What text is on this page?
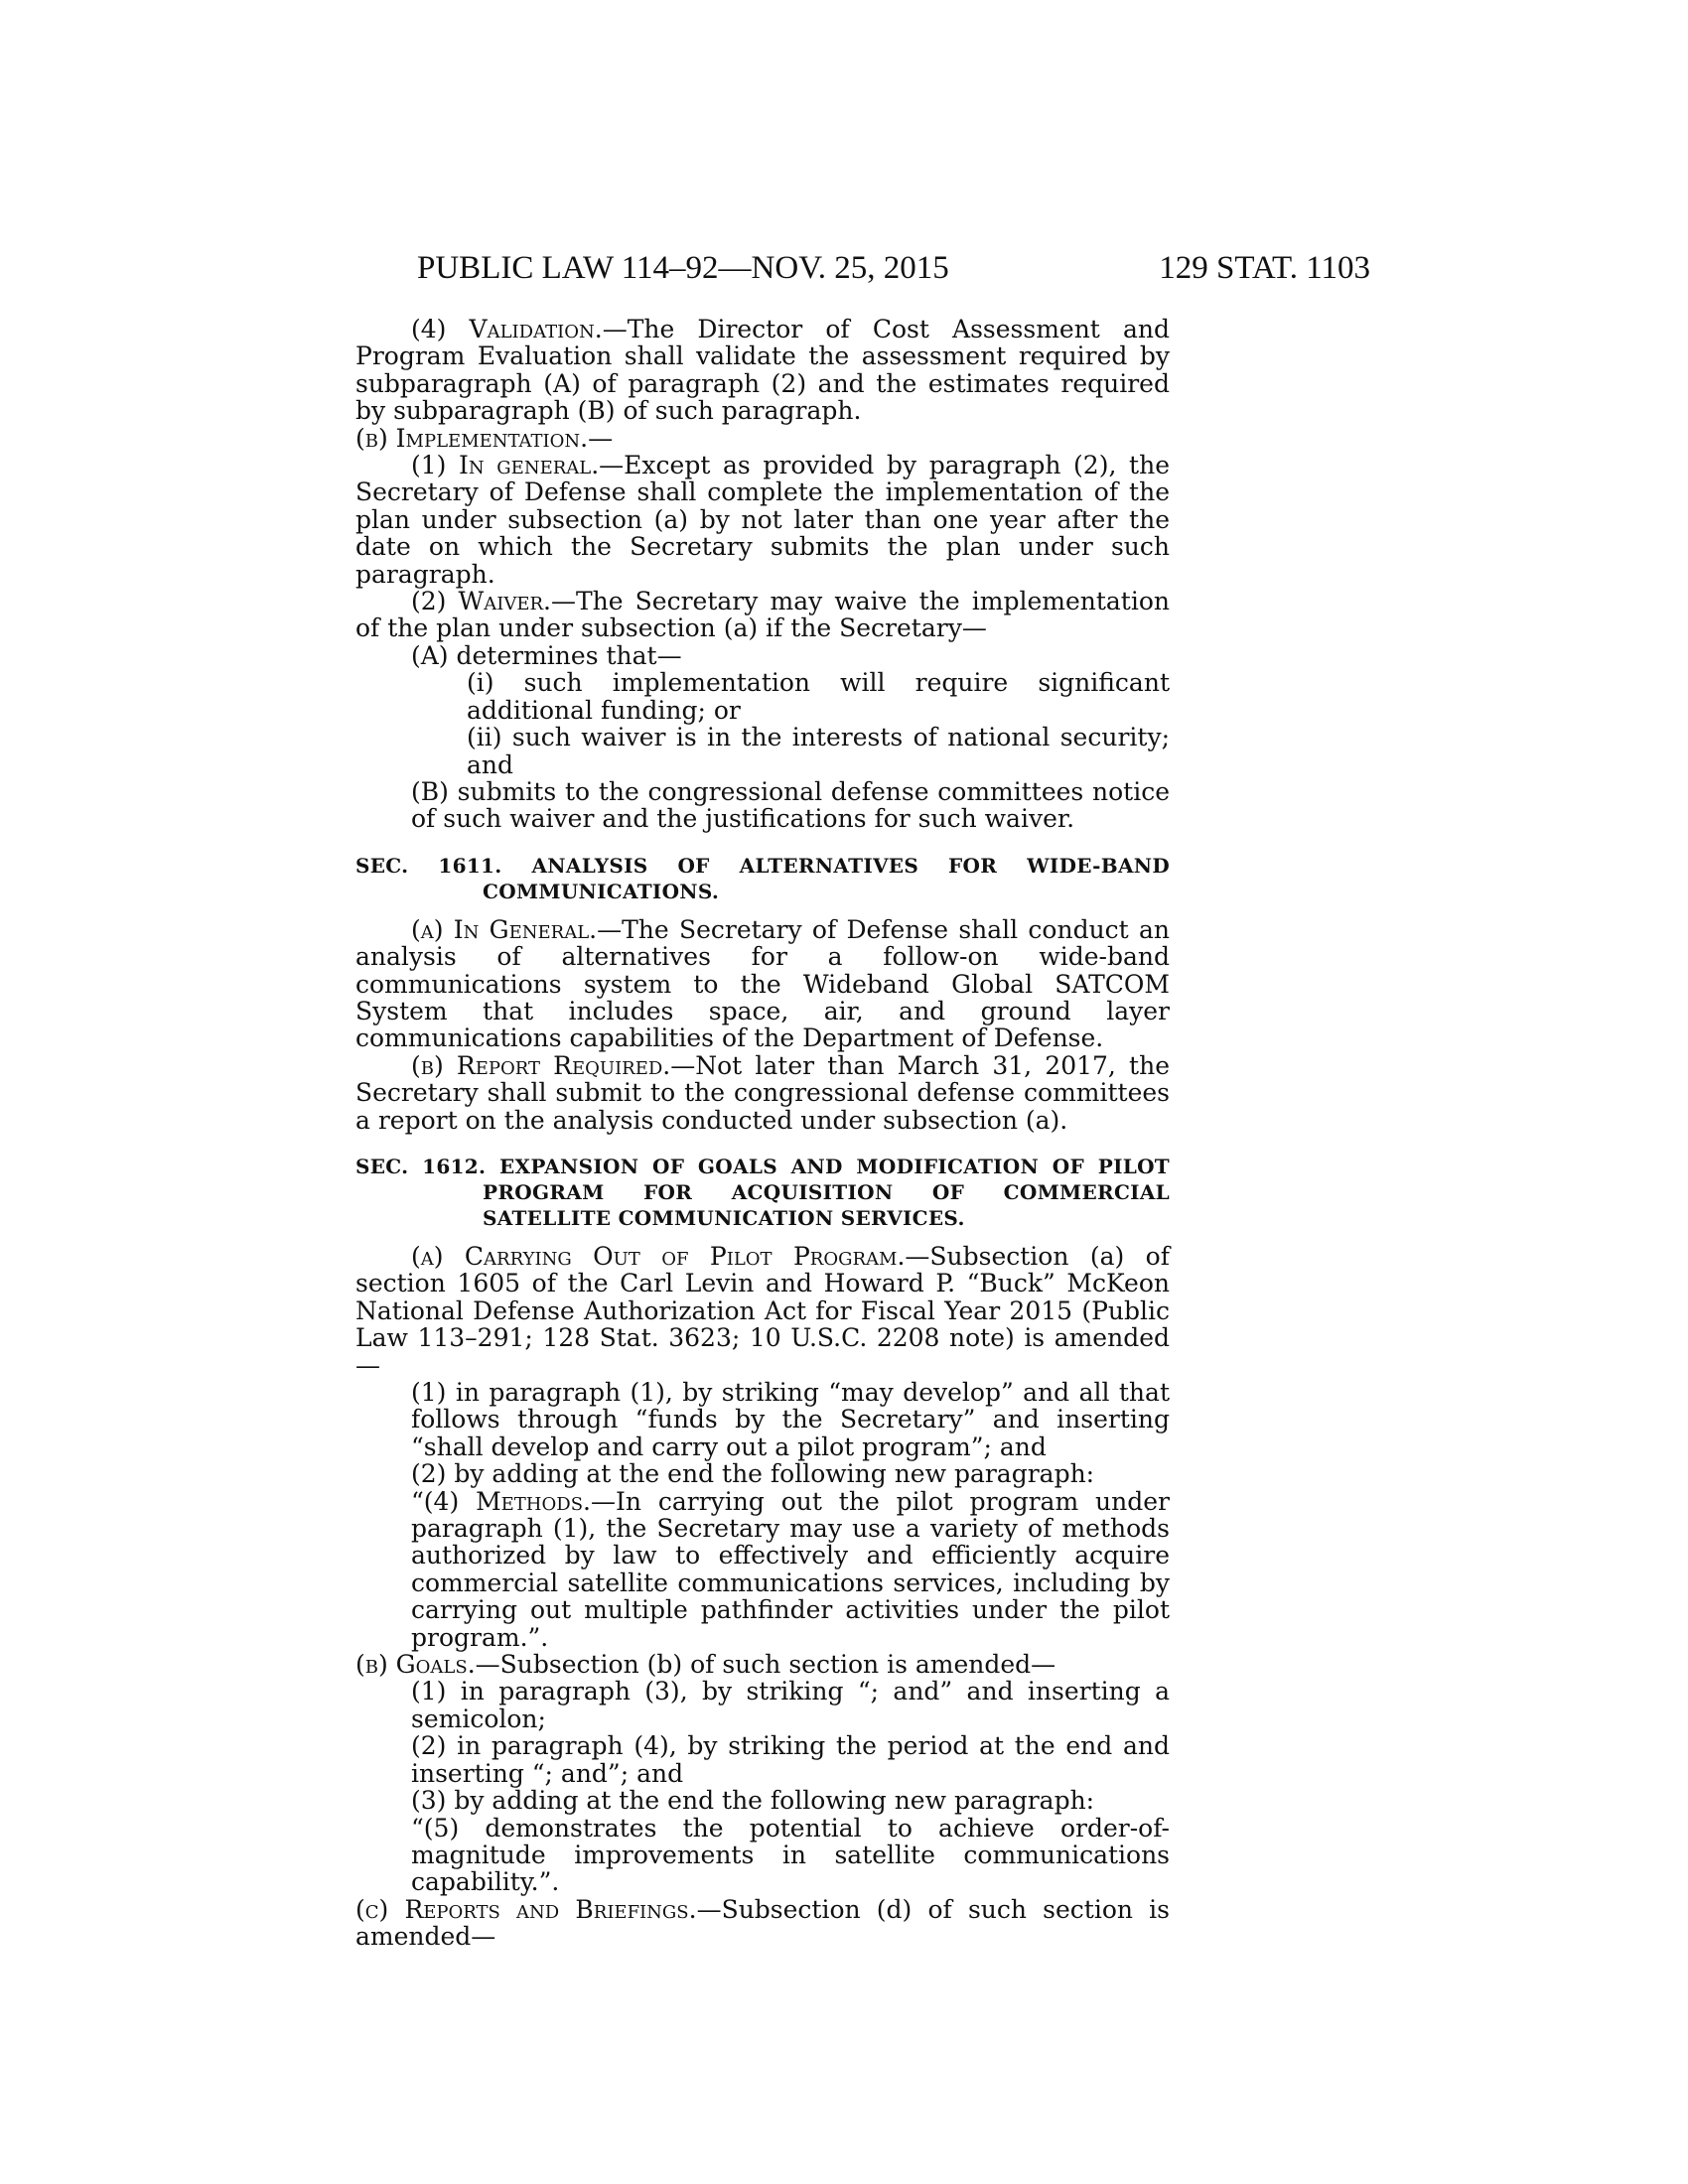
PUBLIC LAW 114–92—NOV. 25, 2015	129 STAT. 1103

(4) Validation.—The Director of Cost Assessment and Program Evaluation shall validate the assessment required by subparagraph (A) of paragraph (2) and the estimates required by subparagraph (B) of such paragraph.

(b) Implementation.—

(1) In general.—Except as provided by paragraph (2), the Secretary of Defense shall complete the implementation of the plan under subsection (a) by not later than one year after the date on which the Secretary submits the plan under such paragraph.

(2) Waiver.—The Secretary may waive the implementation of the plan under subsection (a) if the Secretary—

(A) determines that—

(i) such implementation will require significant additional funding; or

(ii) such waiver is in the interests of national security; and

(B) submits to the congressional defense committees notice of such waiver and the justifications for such waiver.

SEC. 1611. ANALYSIS OF ALTERNATIVES FOR WIDE-BAND COMMUNICATIONS.

(a) In General.—The Secretary of Defense shall conduct an analysis of alternatives for a follow-on wide-band communications system to the Wideband Global SATCOM System that includes space, air, and ground layer communications capabilities of the Department of Defense.

(b) Report Required.—Not later than March 31, 2017, the Secretary shall submit to the congressional defense committees a report on the analysis conducted under subsection (a).

SEC. 1612. EXPANSION OF GOALS AND MODIFICATION OF PILOT PROGRAM FOR ACQUISITION OF COMMERCIAL SATELLITE COMMUNICATION SERVICES.

(a) Carrying Out of Pilot Program.—Subsection (a) of section 1605 of the Carl Levin and Howard P. “Buck” McKeon National Defense Authorization Act for Fiscal Year 2015 (Public Law 113–291; 128 Stat. 3623; 10 U.S.C. 2208 note) is amended—

(1) in paragraph (1), by striking “may develop” and all that follows through “funds by the Secretary” and inserting “shall develop and carry out a pilot program”; and

(2) by adding at the end the following new paragraph:

“(4) Methods.—In carrying out the pilot program under paragraph (1), the Secretary may use a variety of methods authorized by law to effectively and efficiently acquire commercial satellite communications services, including by carrying out multiple pathfinder activities under the pilot program.”.

(b) Goals.—Subsection (b) of such section is amended—

(1) in paragraph (3), by striking “; and” and inserting a semicolon;

(2) in paragraph (4), by striking the period at the end and inserting “; and”; and

(3) by adding at the end the following new paragraph:

“(5) demonstrates the potential to achieve order-of-magnitude improvements in satellite communications capability.”.

(c) Reports and Briefings.—Subsection (d) of such section is amended—
